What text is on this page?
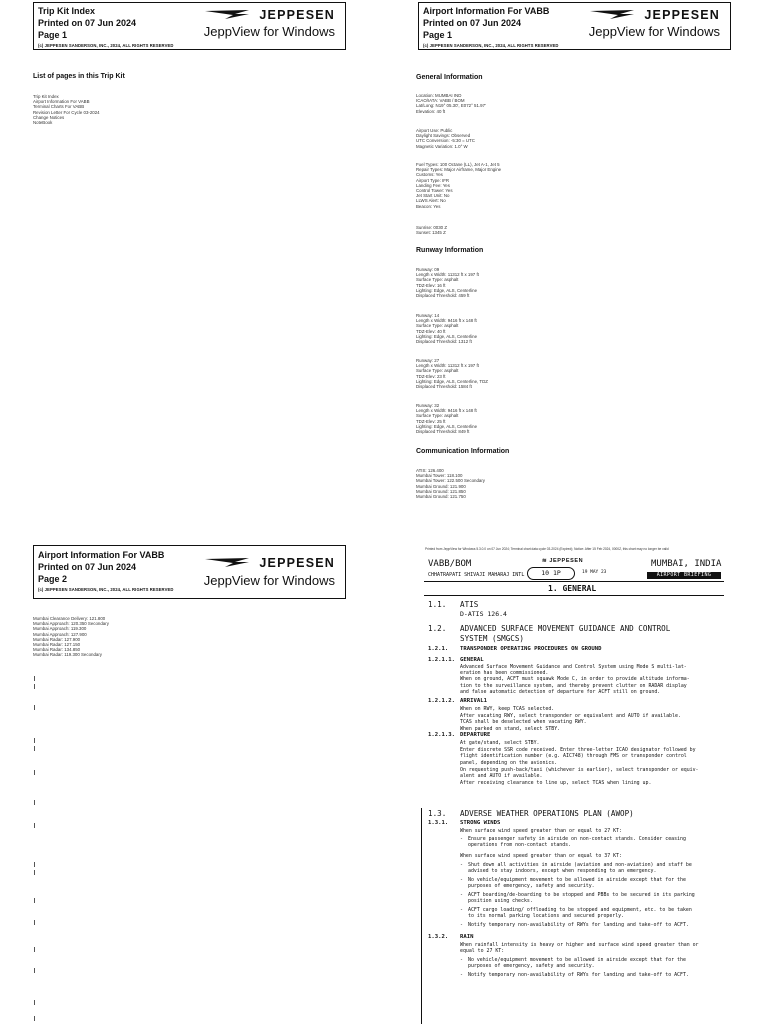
Trip Kit Index
Printed on 07 Jun 2024
Page 1
(c) JEPPESEN SANDERSON, INC., 2024, ALL RIGHTS RESERVED
JEPPESEN
JeppView for Windows
List of pages in this Trip Kit
Trip Kit Index
Airport Information For VABB
Terminal Charts For VABB
Revision Letter For Cycle 03-2024
Change Notices
NoteBook
Airport Information For VABB
Printed on 07 Jun 2024
Page 1
(c) JEPPESEN SANDERSON, INC., 2024, ALL RIGHTS RESERVED
JEPPESEN
JeppView for Windows
General Information
Location: MUMBAI IND
ICAO/IATA: VABB / BOM
Lat/Long: N19° 05.30', E072° 51.97'
Elevation: 40 ft
Airport Use: Public
Daylight Savings: Observed
UTC Conversion: -5:30 = UTC
Magnetic Variation: 1.0° W
Fuel Types: 100 Octane (LL), Jet A-1, Jet 5
Repair Types: Major Airframe, Major Engine
Customs: Yes
Airport Type: IFR
Landing Fee: Yes
Control Tower: Yes
Jet Start Unit: No
LLWS Alert: No
Beacon: Yes
Sunrise: 0030 Z
Sunset: 1345 Z
Runway Information
Runway: 09
Length x Width: 11312 ft x 197 ft
Surface Type: asphalt
TDZ-Elev: 16 ft
Lighting: Edge, ALS, Centerline
Displaced Threshold: 459 ft
Runway: 14
Length x Width: 9416 ft x 148 ft
Surface Type: asphalt
TDZ-Elev: 40 ft
Lighting: Edge, ALS, Centerline
Displaced Threshold: 1312 ft
Runway: 27
Length x Width: 11312 ft x 197 ft
Surface Type: asphalt
TDZ-Elev: 23 ft
Lighting: Edge, ALS, Centerline, TDZ
Displaced Threshold: 1584 ft
Runway: 32
Length x Width: 9416 ft x 148 ft
Surface Type: asphalt
TDZ-Elev: 25 ft
Lighting: Edge, ALS, Centerline
Displaced Threshold: 849 ft
Communication Information
ATIS: 126.400
Mumbai Tower: 118.100
Mumbai Tower: 122.500 Secondary
Mumbai Ground: 121.900
Mumbai Ground: 121.850
Mumbai Ground: 121.750
Airport Information For VABB
Printed on 07 Jun 2024
Page 2
(c) JEPPESEN SANDERSON, INC., 2024, ALL RIGHTS RESERVED
JEPPESEN
JeppView for Windows
Mumbai Clearance Delivery: 121.800
Mumbai Approach: 120.350 Secondary
Mumbai Approach: 119.300
Mumbai Approach: 127.900
Mumbai Radar: 127.900
Mumbai Radar: 127.150
Mumbai Radar: 134.850
Mumbai Radar: 119.300 Secondary
Printed from JeppView for Windows 5.3.0.0 on 07 Jun 2024; Terminal chart data cycle 03-2024 (Expired); Notice: After 15 Feb 2024, 0000Z, this chart may no longer be valid
VABB/BOM
CHHATRAPATI SHIVAJI MAHARAJ INTL
≋ JEPPESEN
10 1P	19 MAY 23
MUMBAI, INDIA
AIRPORT BRIEFING
1. GENERAL
1.1. ATIS
D-ATIS 126.4
1.2. ADVANCED SURFACE MOVEMENT GUIDANCE AND CONTROL
SYSTEM (SMGCS)
1.2.1. TRANSPONDER OPERATING PROCEDURES ON GROUND
1.2.1.1. GENERAL
Advanced Surface Movement Guidance and Control System using Mode S multi-lat-
eration has been commissioned.
When on ground, ACFT must squawk Mode C, in order to provide altitude informa-
tion to the surveillance system, and thereby prevent clutter on RADAR display
and false automatic detection of departure for ACFT still on ground.
1.2.1.2. ARRIVAL1
When on RWY, keep TCAS selected.
After vacating RWY, select transponder or equivalent and AUTO if available.
TCAS shall be deselected when vacating RWY.
When parked on stand, select STBY.
1.2.1.3. DEPARTURE
At gate/stand, select STBY.
Enter discrete SSR code received. Enter three-letter ICAO designator followed by
flight identification number (e.g. AIC748) through FMS or transponder control
panel, depending on the avionics.
On requesting push-back/taxi (whichever is earlier), select transponder or equiv-
alent and AUTO if available.
After receiving clearance to line up, select TCAS when lining up.
1.3. ADVERSE WEATHER OPERATIONS PLAN (AWOP)
1.3.1. STRONG WINDS
When surface wind speed greater than or equal to 27 KT:
- Ensure passenger safety in airside on non-contact stands. Consider ceasing
operations from non-contact stands.
When surface wind speed greater than or equal to 37 KT:
- Shut down all activities in airside (aviation and non-aviation) and staff be
advised to stay indoors, except when responding to an emergency.
- No vehicle/equipment movement to be allowed in airside except that for the
purposes of emergency, safety and security.
- ACFT boarding/de-boarding to be stopped and PBBs to be secured in its parking
position using checks.
- ACFT cargo loading/ offloading to be stopped and equipment, etc. to be taken
to its normal parking locations and secured properly.
- Notify temporary non-availability of RWYs for landing and take-off to ACFT.
1.3.2. RAIN
When rainfall intensity is heavy or higher and surface wind speed greater than or
equal to 27 KT:
- No vehicle/equipment movement to be allowed in airside except that for the
purposes of emergency, safety and security.
- Notify temporary non-availability of RWYs for landing and take-off to ACFT.
